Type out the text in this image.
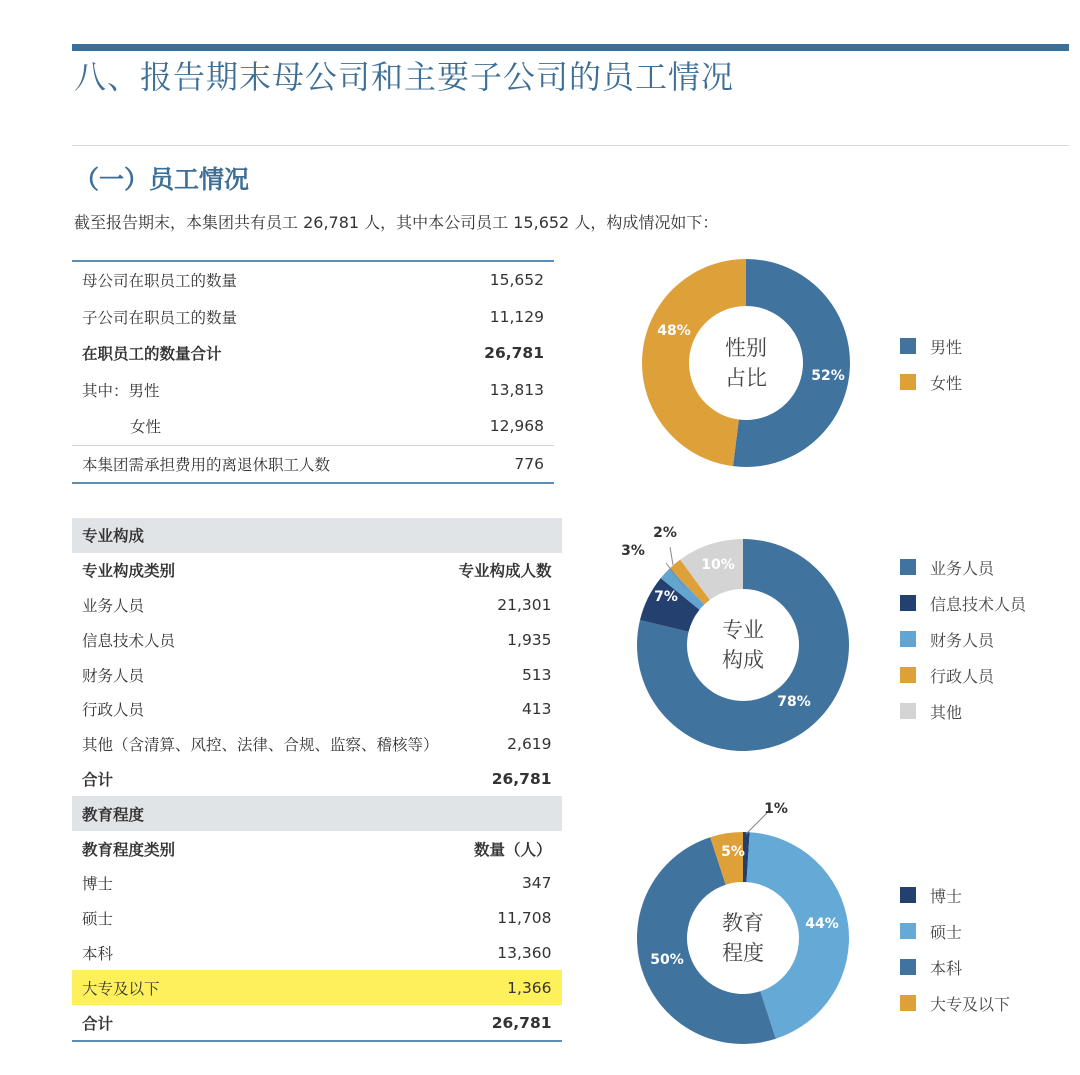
八、报告期末母公司和主要子公司的员工情况
（一）员工情况
截至报告期末，本集团共有员工 26,781 人，其中本公司员工 15,652 人，构成情况如下：
母公司在职员工的数量	15,652
子公司在职员工的数量	11,129
在职员工的数量合计	26,781
其中：男性	13,813
女性	12,968
本集团需承担费用的离退休职工人数	776
专业构成	
专业构成类别	专业构成人数
业务人员	21,301
信息技术人员	1,935
财务人员	513
行政人员	413
其他（含清算、风控、法律、合规、监察、稽核等）	2,619
合计	26,781
教育程度	
教育程度类别	数量（人）
博士	347
硕士	11,708
本科	13,360
大专及以下	1,366
合计	26,781
性别
占比	52%
48%
专业
构成
78%
7%
3%
2%
10%
教育
程度
1%
44%
50%
5%
男性
女性
业务人员
信息技术人员
财务人员
行政人员
其他
博士
硕士
本科
大专及以下
